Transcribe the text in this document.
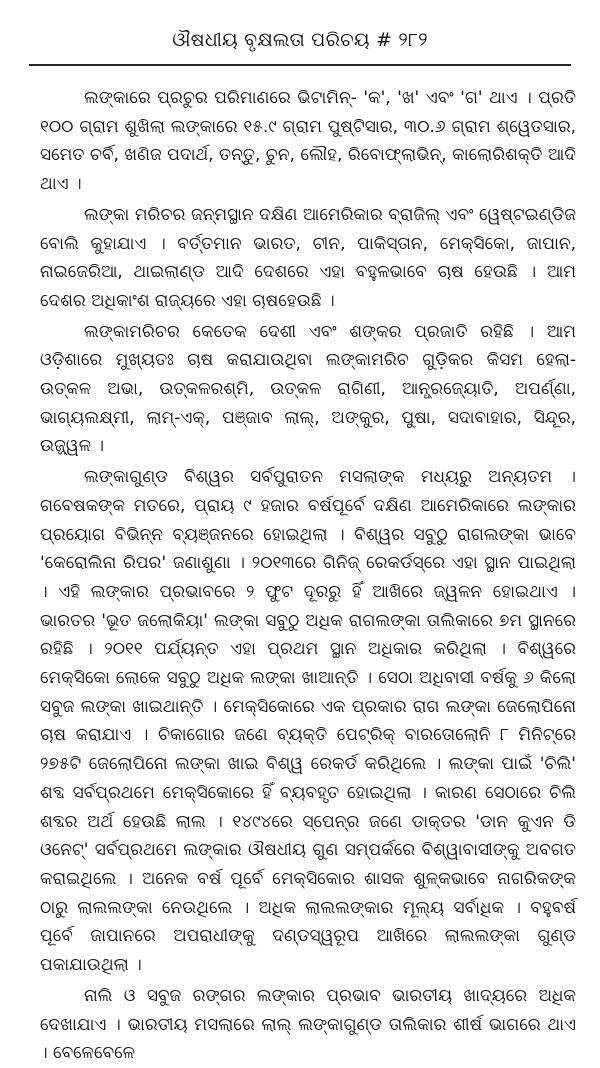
ଔଷଧୀୟ ବୃକ୍ଷଲତା ପରିଚୟ # ୨୮୨

ଲଙ୍କାରେ ପ୍ରଚୁର ପରିମାଣରେ ଭିଟାମିନ୍- 'କ', 'ଖ' ଏବଂ 'ଗ' ଥାଏ । ପ୍ରତି ୧୦୦ ଗ୍ରାମ ଶୁଖିଲା ଲଙ୍କାରେ ୧୫.୯ ଗ୍ରାମ ପୁଷ୍ଟିସାର, ୩୦.୬ ଗ୍ରାମ ଶ୍ୱେତସାର, ସମେତ ଚର୍ବି, ଖଣିଜ ପଦାର୍ଥ, ତନ୍ତୁ, ଚୁନ, ଲୌହ, ରିବୋଫ୍ଲାଭିନ୍, କାଲୋରିଶକ୍ତି ଆଦି ଥାଏ ।

ଲଙ୍କା ମରିଚର ଜନ୍ମସ୍ଥାନ ଦକ୍ଷିଣ ଆମେରିକାର ବ୍ରାଜିଲ୍ ଏବଂ ୱେଷ୍ଟଇଣ୍ଡିଜ ବୋଲି କୁହାଯାଏ । ବର୍ତ୍ତମାନ ଭାରତ, ଚୀନ, ପାକିସ୍ତାନ, ମେକ୍ସିକୋ, ଜାପାନ, ନାଇଜେରିଆ, ଥାଇଲାଣ୍ଡ ଆଦି ଦେଶରେ ଏହା ବହୁଳଭାବେ ଚାଷ ହେଉଛି । ଆମ ଦେଶର ଅଧିକାଂଶ ରାଜ୍ୟରେ ଏହା ଚାଷହେଉଛି ।

ଲଙ୍କାମରିଚର କେତେକ ଦେଶୀ ଏବଂ ଶଙ୍କର ପ୍ରଜାତି ରହିଛି । ଆମ ଓଡ଼ିଶାରେ ମୁଖ୍ୟତଃ ଚାଷ କରାଯାଉଥିବା ଲଙ୍କାମରିଚ ଗୁଡ଼ିକର କିସମ ହେଲା- ଉତ୍କଳ ଅଭା, ଉତ୍କଳରଶ୍ମି, ଉତ୍କଳ ରାଗିଣୀ, ଆନ୍ଧ୍ରଜ୍ୟୋତି, ଅପର୍ଣ୍ଣା, ଭାଗ୍ୟଲକ୍ଷ୍ମୀ, ଲାମ୍-ଏକ୍, ପଞ୍ଜାବ ଲାଲ୍, ଅଙ୍କୁର, ପୁଷା, ସଦାବାହାର, ସିନ୍ଦୂର, ଉଜ୍ଜ୍ୱଳ ।

ଲଙ୍କାଗୁଣ୍ଡ ବିଶ୍ୱର ସର୍ବପୁରାତନ ମସଲାଙ୍କ ମଧ୍ୟରୁ ଅନ୍ୟତମ । ଗବେଷକଙ୍କ ମତରେ, ପ୍ରାୟ ୯ ହଜାର ବର୍ଷପୂର୍ବେ ଦକ୍ଷିଣ ଆମେରିକାରେ ଲଙ୍କାର ପ୍ରୟୋଗ ବିଭିନ୍ନ ବ୍ୟଞ୍ଜନରେ ହୋଇଥିଲା । ବିଶ୍ୱର ସବୁଠୁ ରାଗଲଙ୍କା ଭାବେ 'କେରୋଲିନା ରିପର' ଜଣାଶୁଣା । ୨୦୧୩ରେ ଗିନିଜ୍ ରେକର୍ଡସ୍‌ରେ ଏହା ସ୍ଥାନ ପାଇଥିଲା । ଏହି ଲଙ୍କାର ପ୍ରଭାବରେ ୨ ଫୁଟ ଦୂରରୁ ହିଁ ଆଖିରେ ଜ୍ୱଳନ ହୋଇଥାଏ । ଭାରତର 'ଭୂତ ଜଲୋକିୟା' ଲଙ୍କା ସବୁଠୁ ଅଧିକ ରାଗଲଙ୍କା ତାଲିକାରେ ୭ମ ସ୍ଥାନରେ ରହିଛି । ୨୦୧୧ ପର୍ଯ୍ୟନ୍ତ ଏହା ପ୍ରଥମ ସ୍ଥାନ ଅଧିକାର କରିଥିଲା । ବିଶ୍ୱରେ ମେକ୍ସିକୋ ଲୋକେ ସବୁଠୁ ଅଧିକ ଲଙ୍କା ଖାଆନ୍ତି । ସେଠା ଅଧିବାସୀ ବର୍ଷକୁ ୬ କିଲୋ ସବୁଜ ଲଙ୍କା ଖାଇଥାନ୍ତି । ମେକ୍ସିକୋରେ ଏକ ପ୍ରକାର ରାଗ ଲଙ୍କା ଜେଲୋପିନୋ ଚାଷ କରାଯାଏ । ଚିକାଗୋର ଜଣେ ବ୍ୟକ୍ତି ପେଟ୍ରିକ୍ ବାରତୋଲୋନି ୮ ମିନିଟ୍‌ରେ ୨୭୫ଟି ଜେଲୋପିନୋ ଲଙ୍କା ଖାଇ ବିଶ୍ୱ ରେକର୍ଡ କରିଥିଲେ । ଲଙ୍କା ପାଇଁ 'ଚିଲି' ଶବ୍ଦ ସର୍ବପ୍ରଥମେ ମେକ୍ସିକୋରେ ହିଁ ବ୍ୟବହୃତ ହୋଇଥିଲା । କାରଣ ସେଠାରେ ଚିଲି ଶବ୍ଦର ଅର୍ଥ ହେଉଛି ଲାଲ । ୧୪୯୪ରେ ସ୍ପେନ୍‌ର ଜଣେ ଡାକ୍ତର 'ଡାନ କୁଏନ ଡି ଓନେଟ୍' ସର୍ବପ୍ରଥମେ ଲଙ୍କାର ଔଷଧୀୟ ଗୁଣ ସମ୍ପର୍କରେ ବିଶ୍ୱାବାସୀଙ୍କୁ ଅବଗତ କରାଇଥିଲେ । ଅନେକ ବର୍ଷ ପୂର୍ବେ ମେକ୍ସିକୋର ଶାସକ ଶୁଳ୍କଭାବେ ନାଗରିକଙ୍କ ଠାରୁ ଲାଲଲଙ୍କା ନେଉଥିଲେ । ଅଧିକ ଲାଲଲଙ୍କାର ମୂଲ୍ୟ ସର୍ବାଧିକ । ବହୁବର୍ଷ ପୂର୍ବେ ଜାପାନରେ ଅପରାଧୀଙ୍କୁ ଦଣ୍ଡସ୍ୱରୂପ ଆଖିରେ ଲାଲଲଙ୍କା ଗୁଣ୍ଡ ପକାଯାଉଥିଲା ।

ନାଲି ଓ ସବୁଜ ରଙ୍ଗର ଲଙ୍କାର ପ୍ରଭାବ ଭାରତୀୟ ଖାଦ୍ୟରେ ଅଧିକ ଦେଖାଯାଏ । ଭାରତୀୟ ମସଲାରେ ଲାଲ୍ ଲଙ୍କାଗୁଣ୍ଡ ତାଲିକାର ଶୀର୍ଷ ଭାଗରେ ଥାଏ । ବେଳେବେଳେ
